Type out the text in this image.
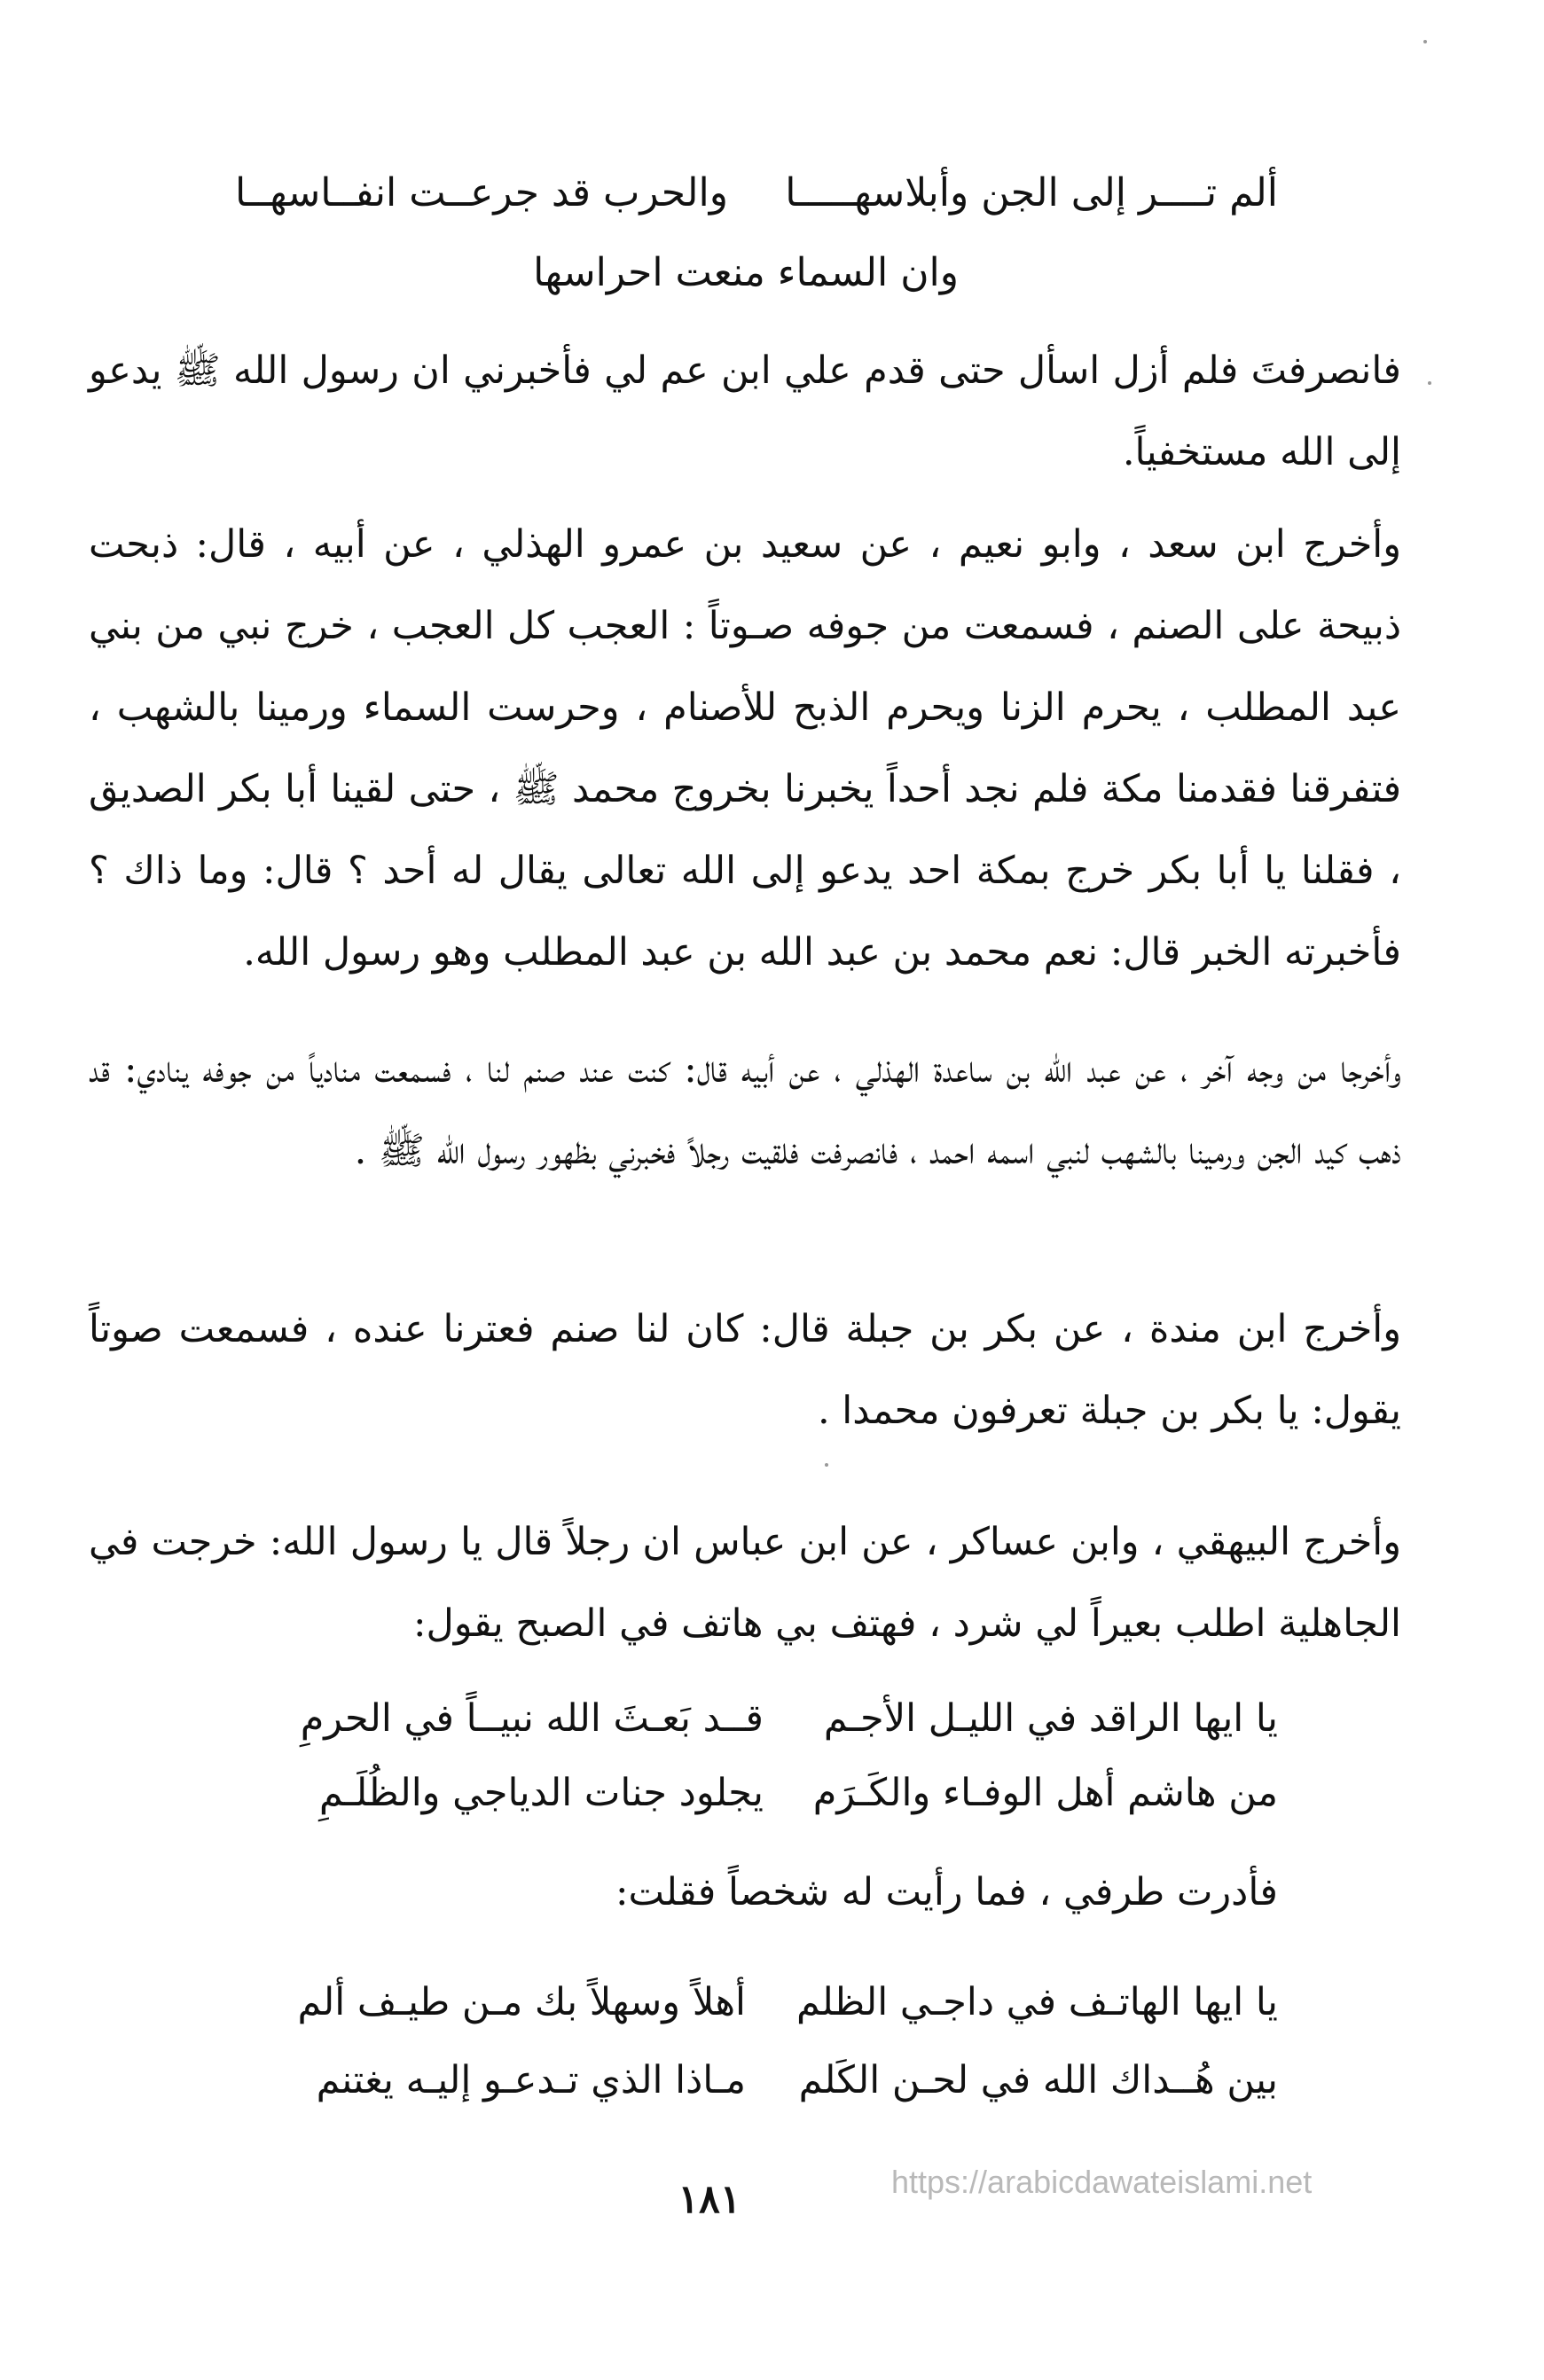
ألم تــــر إلى الجن وأبلاسهـــــا
والحرب قد جرعــت انفــاسهــا
وان السماء منعت احراسها
فانصرفتَ فلم أزل اسأل حتى قدم علي ابن عم لي فأخبرني ان رسول الله ﷺ يدعو إلى الله مستخفياً.
وأخرج ابن سعد ، وابو نعيم ، عن سعيد بن عمرو الهذلي ، عن أبيه ، قال: ذبحت ذبيحة على الصنم ، فسمعت من جوفه صـوتاً : العجب كل العجب ، خرج نبي من بني عبد المطلب ، يحرم الزنا ويحرم الذبح للأصنام ، وحرست السماء ورمينا بالشهب ، فتفرقنا فقدمنا مكة فلم نجد أحداً يخبرنا بخروج محمد ﷺ ، حتى لقينا أبا بكر الصديق ، فقلنا يا أبا بكر خرج بمكة احد يدعو إلى الله تعالى يقال له أحد ؟ قال: وما ذاك ؟ فأخبرته الخبر قال: نعم محمد بن عبد الله بن عبد المطلب وهو رسول الله.
وأخرجا من وجه آخر ، عن عبد الله بن ساعدة الهذلي ، عن أبيه قال: كنت عند صنم لنا ، فسمعت منادياً من جوفه ينادي: قد ذهب كيد الجن ورمينا بالشهب لنبي اسمه احمد ، فانصرفت فلقيت رجلاً فخبرني بظهور رسول الله ﷺ .
وأخرج ابن مندة ، عن بكر بن جبلة قال: كان لنا صنم فعترنا عنده ، فسمعت صوتاً يقول: يا بكر بن جبلة تعرفون محمدا .
وأخرج البيهقي ، وابن عساكر ، عن ابن عباس ان رجلاً قال يا رسول الله: خرجت في الجاهلية اطلب بعيراً لي شرد ، فهتف بي هاتف في الصبح يقول:
يا ايها الراقد في الليـل الأجـم
قــد بَعـثَ الله نبيــاً في الحرمِ
من هاشم أهل الوفـاء والكَـرَم
يجلود جنات الدياجي والظُلَـمِ
فأدرت طرفي ، فما رأيت له شخصاً فقلت:
يا ايها الهاتـف في داجـي الظلم
أهلاً وسهلاً بك مـن طيـف ألم
بين هُــداك الله في لحـن الكَلم
مـاذا الذي تـدعـو إليـه يغتنم
١٨١	https://arabicdawateislami.net
